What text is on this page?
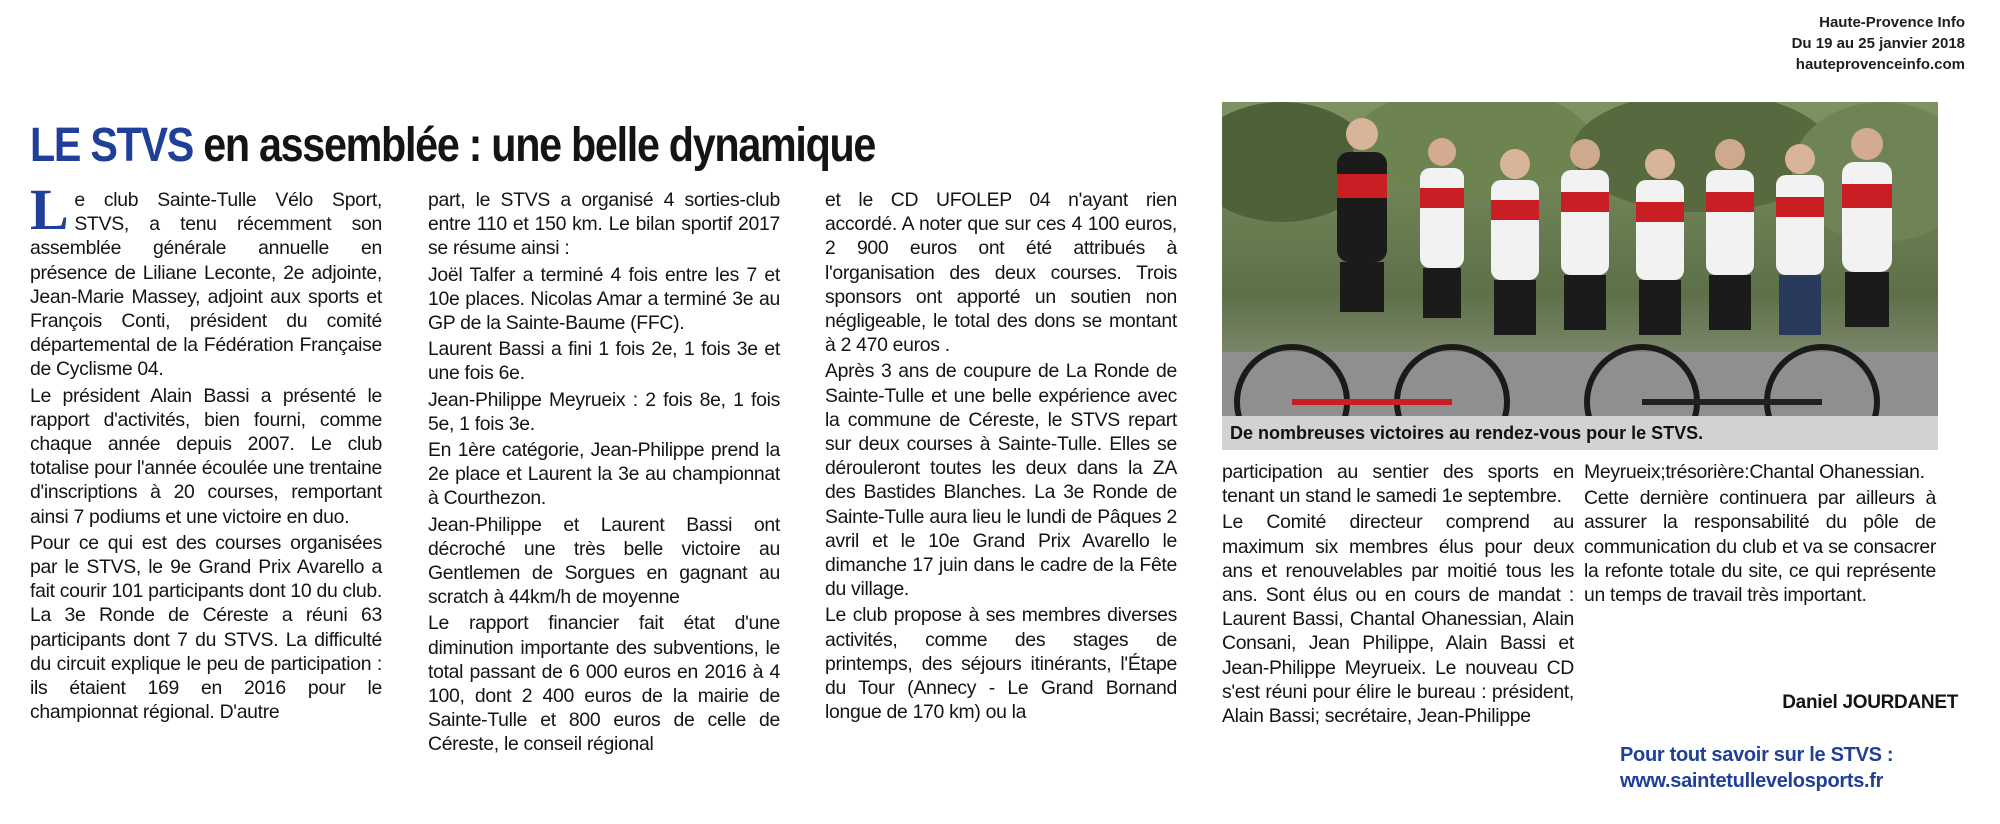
Haute-Provence Info
Du 19 au 25 janvier 2018
hauteprovenceinfo.com
LE STVS en assemblée : une belle dynamique

Le club Sainte-Tulle Vélo Sport, STVS, a tenu récemment son assemblée générale annuelle en présence de Liliane Leconte, 2e adjointe, Jean-Marie Massey, adjoint aux sports et François Conti, président du comité départemental de la Fédération Française de Cyclisme 04.

Le président Alain Bassi a présenté le rapport d'activités, bien fourni, comme chaque année depuis 2007. Le club totalise pour l'année écoulée une trentaine d'inscriptions à 20 courses, remportant ainsi 7 podiums et une victoire en duo.

Pour ce qui est des courses organisées par le STVS, le 9e Grand Prix Avarello a fait courir 101 participants dont 10 du club. La 3e Ronde de Céreste a réuni 63 participants dont 7 du STVS. La difficulté du circuit explique le peu de participation : ils étaient 169 en 2016 pour le championnat régional. D'autre

part, le STVS a organisé 4 sorties-club entre 110 et 150 km. Le bilan sportif 2017 se résume ainsi :

Joël Talfer a terminé 4 fois entre les 7 et 10e places. Nicolas Amar a terminé 3e au GP de la Sainte-Baume (FFC).

Laurent Bassi a fini 1 fois 2e, 1 fois 3e et une fois 6e.

Jean-Philippe Meyrueix : 2 fois 8e, 1 fois 5e, 1 fois 3e.

En 1ère catégorie, Jean-Philippe prend la 2e place et Laurent la 3e au championnat à Courthezon.

Jean-Philippe et Laurent Bassi ont décroché une très belle victoire au Gentlemen de Sorgues en gagnant au scratch à 44km/h de moyenne

Le rapport financier fait état d'une diminution importante des subventions, le total passant de 6 000 euros en 2016 à 4 100, dont 2 400 euros de la mairie de Sainte-Tulle et 800 euros de celle de Céreste, le conseil régional

et le CD UFOLEP 04 n'ayant rien accordé. A noter que sur ces 4 100 euros, 2 900 euros ont été attribués à l'organisation des deux courses. Trois sponsors ont apporté un soutien non négligeable, le total des dons se montant à 2 470 euros .

Après 3 ans de coupure de La Ronde de Sainte-Tulle et une belle expérience avec la commune de Céreste, le STVS repart sur deux courses à Sainte-Tulle. Elles se dérouleront toutes les deux dans la ZA des Bastides Blanches. La 3e Ronde de Sainte-Tulle aura lieu le lundi de Pâques 2 avril et le 10e Grand Prix Avarello le dimanche 17 juin dans le cadre de la Fête du village.

Le club propose à ses membres diverses activités, comme des stages de printemps, des séjours itinérants, l'Étape du Tour (Annecy - Le Grand Bornand longue de 170 km) ou la

De nombreuses victoires au rendez-vous pour le STVS.

participation au sentier des sports en tenant un stand le samedi 1e septembre.

Le Comité directeur comprend au maximum six membres élus pour deux ans et renouvelables par moitié tous les ans. Sont élus ou en cours de mandat : Laurent Bassi, Chantal Ohanessian, Alain Consani, Jean Philippe, Alain Bassi et Jean-Philippe Meyrueix. Le nouveau CD s'est réuni pour élire le bureau : président, Alain Bassi; secrétaire, Jean-Philippe

Meyrueix;trésorière:Chantal Ohanessian.

Cette dernière continuera par ailleurs à assurer la responsabilité du pôle de communication du club et va se consacrer la refonte totale du site, ce qui représente un temps de travail très important.

Daniel JOURDANET
Pour tout savoir sur le STVS :
www.saintetullevelosports.fr
